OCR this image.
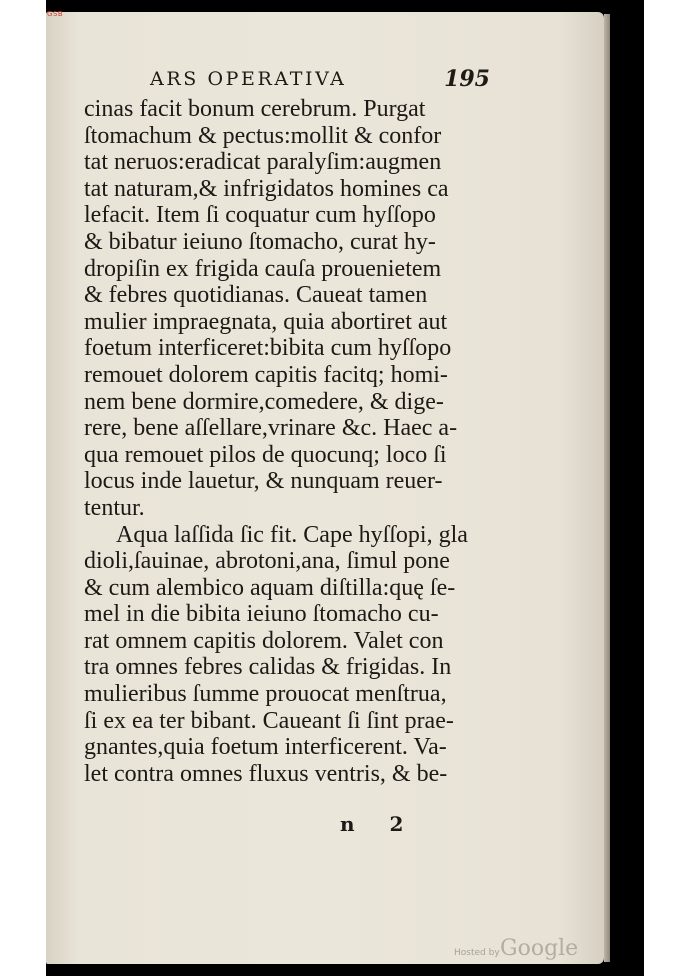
GSB
ARS OPERATIVA	195
cinas facit bonum cerebrum. Purgat
ſtomachum & pectus:mollit & confor
tat neruos:eradicat paralyſim:augmen
tat naturam,& infrigidatos homines ca
lefacit. Item ſi coquatur cum hyſſopo
& bibatur ieiuno ſtomacho, curat hy-
dropiſin ex frigida cauſa prouenietem
& febres quotidianas. Caueat tamen
mulier impraegnata, quia abortiret aut
foetum interficeret:bibita cum hyſſopo
remouet dolorem capitis facitq; homi-
nem bene dormire,comedere, & dige-
rere, bene aſſellare,vrinare &c. Haec a-
qua remouet pilos de quocunq; loco ſi
locus inde lauetur, & nunquam reuer-
tentur.
Aqua laſſida ſic fit. Cape hyſſopi, gla
dioli,ſauinae, abrotoni,ana, ſimul pone
& cum alembico aquam diſtilla:quę ſe-
mel in die bibita ieiuno ſtomacho cu-
rat omnem capitis dolorem. Valet con
tra omnes febres calidas & frigidas. In
mulieribus ſumme prouocat menſtrua,
ſi ex ea ter bibant. Caueant ſi ſint prae-
gnantes,quia foetum interficerent. Va-
let contra omnes fluxus ventris, & be-
n 2
Hosted by Google
